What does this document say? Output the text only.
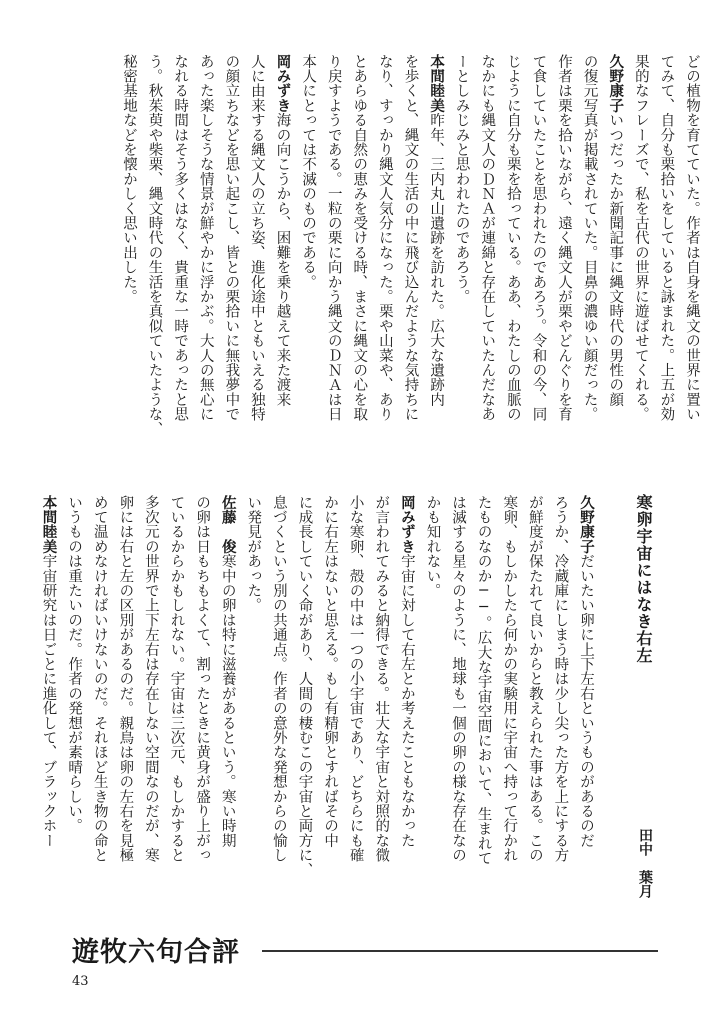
どの植物を育てていた。作者は自身を縄文の世界に置い
てみて、自分も栗拾いをしていると詠まれた。上五が効
果的なフレーズで、私を古代の世界に遊ばせてくれる。
久野康子いつだったか新聞記事に縄文時代の男性の顔
の復元写真が掲載されていた。目鼻の濃ゆい顔だった。
作者は栗を拾いながら、遠く縄文人が栗やどんぐりを育
て食していたことを思われたのであろう。令和の今、同
じように自分も栗を拾っている。ああ、わたしの血脈の
なかにも縄文人のＤＮＡが連綿と存在していたんだなあ
ーとしみじみと思われたのであろう。
本間睦美昨年、三内丸山遺跡を訪れた。広大な遺跡内
を歩くと、縄文の生活の中に飛び込んだような気持ちに
なり、すっかり縄文人気分になった。栗や山菜や、あり
とあらゆる自然の恵みを受ける時、まさに縄文の心を取
り戻すようである。一粒の栗に向かう縄文のＤＮＡは日
本人にとっては不滅のものである。
岡みずき海の向こうから、困難を乗り越えて来た渡来
人に由来する縄文人の立ち姿、進化途中ともいえる独特
の顔立ちなどを思い起こし、皆との栗拾いに無我夢中で
あった楽しそうな情景が鮮やかに浮かぶ。大人の無心に
なれる時間はそう多くはなく、貴重な一時であったと思
う。秋茱萸や柴栗、縄文時代の生活を真似ていたような、
秘密基地などを懐かしく思い出した。
寒卵宇宙にはなき右左
田中　葉月
久野康子だいたい卵に上下左右というものがあるのだ
ろうか、冷蔵庫にしまう時は少し尖った方を上にする方
が鮮度が保たれて良いからと教えられた事はある。この
寒卵、もしかしたら何かの実験用に宇宙へ持って行かれ
たものなのか──。広大な宇宙空間において、生まれて
は滅する星々のように、地球も一個の卵の様な存在なの
かも知れない。
岡みずき宇宙に対して右左とか考えたこともなかった
が言われてみると納得できる。壮大な宇宙と対照的な微
小な寒卵、殻の中は一つの小宇宙であり、どちらにも確
かに右左はないと思える。もし有精卵とすればその中
に成長していく命があり、人間の棲むこの宇宙と両方に、
息づくという別の共通点。作者の意外な発想からの愉し
い発見があった。
佐藤　俊寒中の卵は特に滋養があるという。寒い時期
の卵は日もちもよくて、割ったときに黄身が盛り上がっ
ているからかもしれない。宇宙は三次元、もしかすると
多次元の世界で上下左右は存在しない空間なのだが、寒
卵には右と左の区別があるのだ。親鳥は卵の左右を見極
めて温めなければいけないのだ。それほど生き物の命と
いうものは重たいのだ。作者の発想が素晴らしい。
本間睦美宇宙研究は日ごとに進化して、ブラックホー
遊牧六句合評
43
